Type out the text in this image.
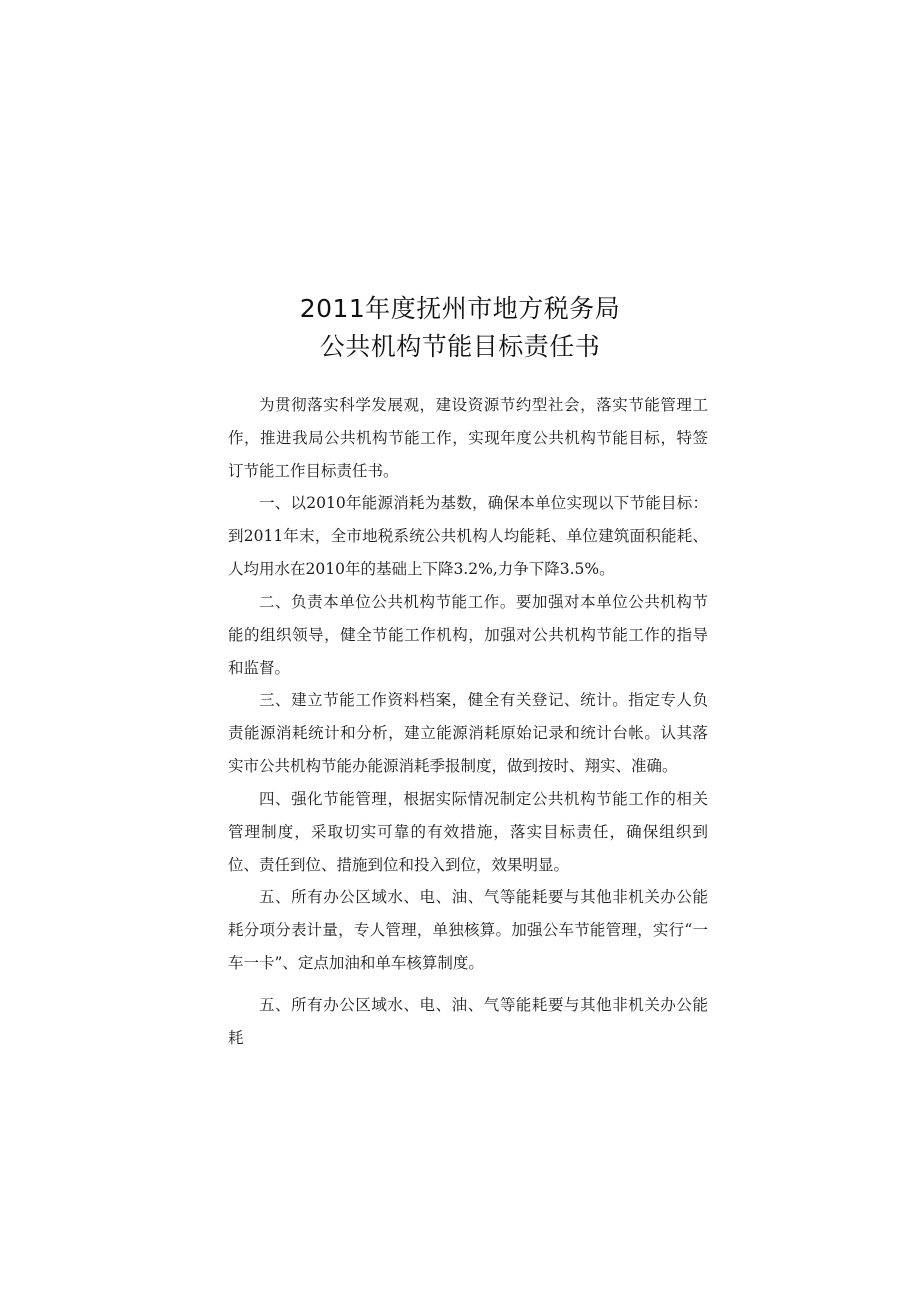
2011年度抚州市地方税务局
公共机构节能目标责任书

为贯彻落实科学发展观，建设资源节约型社会，落实节能管理工作，推进我局公共机构节能工作，实现年度公共机构节能目标，特签订节能工作目标责任书。

一、以2010年能源消耗为基数，确保本单位实现以下节能目标：到2011年末，全市地税系统公共机构人均能耗、单位建筑面积能耗、人均用水在2010年的基础上下降3.2%,力争下降3.5%。

二、负责本单位公共机构节能工作。要加强对本单位公共机构节能的组织领导，健全节能工作机构，加强对公共机构节能工作的指导和监督。

三、建立节能工作资料档案，健全有关登记、统计。指定专人负责能源消耗统计和分析，建立能源消耗原始记录和统计台帐。认其落实市公共机构节能办能源消耗季报制度，做到按时、翔实、准确。

四、强化节能管理，根据实际情况制定公共机构节能工作的相关管理制度，采取切实可靠的有效措施，落实目标责任，确保组织到位、责任到位、措施到位和投入到位，效果明显。

五、所有办公区域水、电、油、气等能耗要与其他非机关办公能耗分项分表计量，专人管理，单独核算。加强公车节能管理，实行“一车一卡”、定点加油和单车核算制度。

五、所有办公区域水、电、油、气等能耗要与其他非机关办公能耗
